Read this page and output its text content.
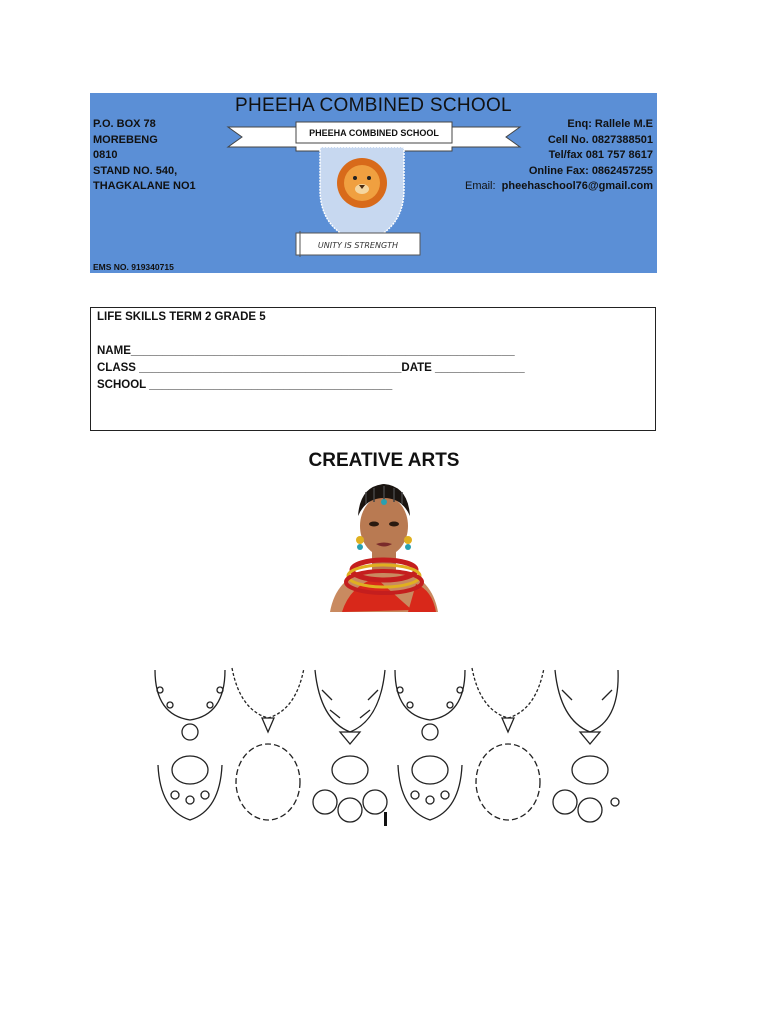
PHEEHA COMBINED SCHOOL
P.O. BOX 78
MOREBENG
0810
STAND NO. 540,
THAGKALANE NO1
PHEEHA COMBINED SCHOOL
UNITY IS STRENGTH
Enq: Rallele M.E
Cell No. 0827388501
Tel/fax 081 757 8617
Online Fax: 0862457255
Email: pheehaschool76@gmail.com
EMS NO. 919340715
LIFE SKILLS TERM 2 GRADE 5
NAME____________________________________________________________
CLASS _________________________________________DATE ______________
SCHOOL ______________________________________
CREATIVE ARTS
